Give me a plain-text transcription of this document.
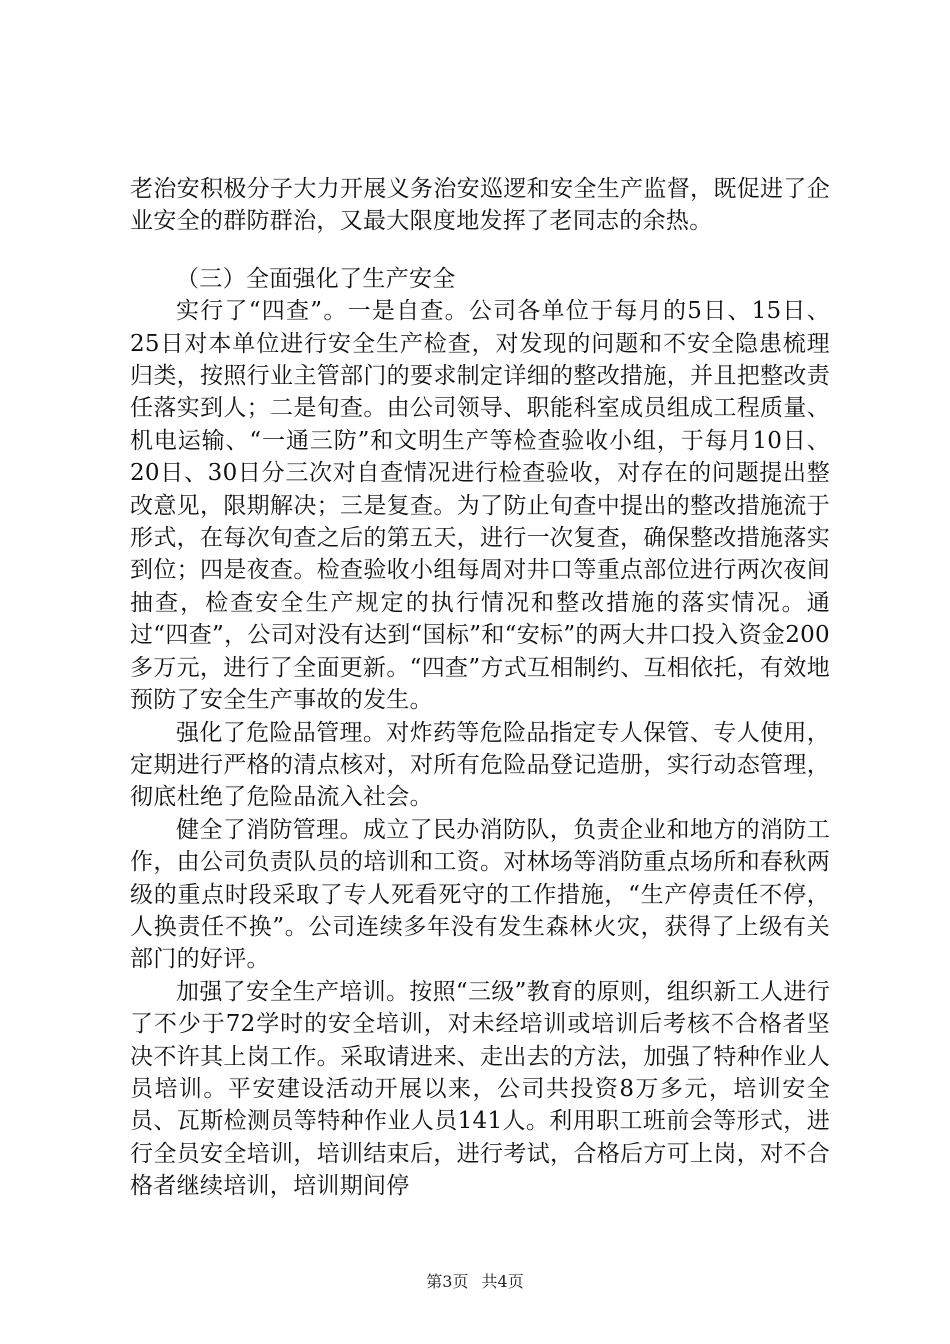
老治安积极分子大力开展义务治安巡逻和安全生产监督，既促进了企业安全的群防群治，又最大限度地发挥了老同志的余热。

（三）全面强化了生产安全

实行了“四查”。一是自查。公司各单位于每月的5日、15日、25日对本单位进行安全生产检查，对发现的问题和不安全隐患梳理归类，按照行业主管部门的要求制定详细的整改措施，并且把整改责任落实到人；二是旬查。由公司领导、职能科室成员组成工程质量、机电运输、“一通三防”和文明生产等检查验收小组，于每月10日、20日、30日分三次对自查情况进行检查验收，对存在的问题提出整改意见，限期解决；三是复查。为了防止旬查中提出的整改措施流于形式，在每次旬查之后的第五天，进行一次复查，确保整改措施落实到位；四是夜查。检查验收小组每周对井口等重点部位进行两次夜间抽查，检查安全生产规定的执行情况和整改措施的落实情况。通过“四查”，公司对没有达到“国标”和“安标”的两大井口投入资金200多万元，进行了全面更新。“四查”方式互相制约、互相依托，有效地预防了安全生产事故的发生。

强化了危险品管理。对炸药等危险品指定专人保管、专人使用，定期进行严格的清点核对，对所有危险品登记造册，实行动态管理，彻底杜绝了危险品流入社会。

健全了消防管理。成立了民办消防队，负责企业和地方的消防工作，由公司负责队员的培训和工资。对林场等消防重点场所和春秋两级的重点时段采取了专人死看死守的工作措施，“生产停责任不停，人换责任不换”。公司连续多年没有发生森林火灾，获得了上级有关部门的好评。

加强了安全生产培训。按照“三级”教育的原则，组织新工人进行了不少于72学时的安全培训，对未经培训或培训后考核不合格者坚决不许其上岗工作。采取请进来、走出去的方法，加强了特种作业人员培训。平安建设活动开展以来，公司共投资8万多元，培训安全员、瓦斯检测员等特种作业人员141人。利用职工班前会等形式，进行全员安全培训，培训结束后，进行考试，合格后方可上岗，对不合格者继续培训，培训期间停

第3页 共4页
